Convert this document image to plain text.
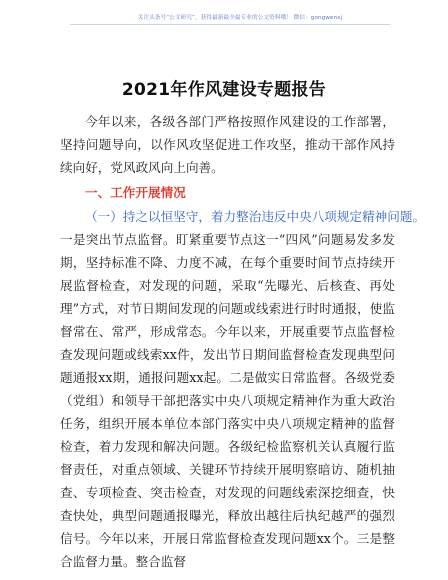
关注头条号“公文研究”，获得最新最全最专业的公文资料哦！ 微信：gongwenxj
2021年作风建设专题报告
今年以来，各级各部门严格按照作风建设的工作部署，坚持问题导向，以作风攻坚促进工作攻坚，推动干部作风持续向好，党风政风向上向善。
一、工作开展情况
（一）持之以恒坚守，着力整治违反中央八项规定精神问题。
一是突出节点监督。盯紧重要节点这一“四风”问题易发多发期，坚持标准不降、力度不减，在每个重要时间节点持续开展监督检查，对发现的问题，采取“先曝光、后核查、再处理”方式，对节日期间发现的问题或线索进行时时通报，使监督常在、常严，形成常态。今年以来，开展重要节点监督检查发现问题或线索xx件，发出节日期间监督检查发现典型问题通报xx期，通报问题xx起。二是做实日常监督。各级党委（党组）和领导干部把落实中央八项规定精神作为重大政治任务，组织开展本单位本部门落实中央八项规定精神的监督检查，着力发现和解决问题。各级纪检监察机关认真履行监督责任，对重点领域、关键环节持续开展明察暗访、随机抽查、专项检查、突击检查，对发现的问题线索深挖细查，快查快处，典型问题通报曝光，释放出越往后执纪越严的强烈信号。今年以来，开展日常监督检查发现问题xx个。三是整合监督力量。整合监督
